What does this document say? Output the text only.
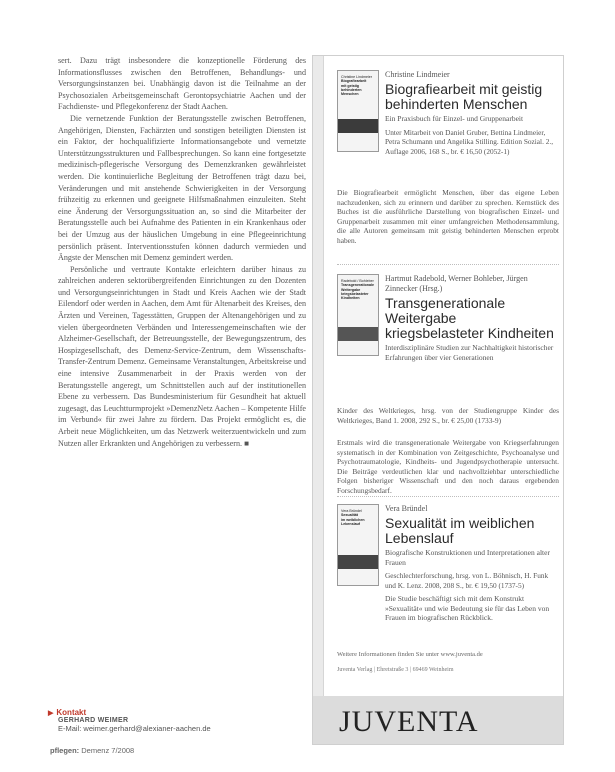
sert. Dazu trägt insbesondere die konzeptionelle Förderung des Informationsflusses zwischen den Betroffenen, Behandlungs- und Versorgungsinstanzen bei. Unabhängig davon ist die Teilnahme an der Psychosozialen Arbeitsgemeinschaft Gerontopsychiatrie Aachen und der Fachdienste- und Pflegekonferenz der Stadt Aachen.

Die vernetzende Funktion der Beratungsstelle zwischen Betroffenen, Angehörigen, Diensten, Fachärzten und sonstigen beteiligten Diensten ist ein Faktor, der hochqualifizierte Informationsangebote und vernetzte Unterstützungsstrukturen und Fallbesprechungen. So kann eine fortgesetzte medizinisch-pflegerische Versorgung des Demenzkranken gewährleistet werden. Die kontinuierliche Begleitung der Betroffenen trägt dazu bei, Veränderungen und mit anstehende Schwierigkeiten in der Versorgung frühzeitig zu erkennen und geeignete Hilfsmaßnahmen einzuleiten. Steht eine Änderung der Versorgungssituation an, so sind die Mitarbeiter der Beratungsstelle auch bei Aufnahme des Patienten in ein Krankenhaus oder bei der Umzug aus der häuslichen Umgebung in eine Pflegeeinrichtung persönlich präsent. Interventionsstufen können dadurch vermieden und Ängste der Menschen mit Demenz gemindert werden.

Persönliche und vertraute Kontakte erleichtern darüber hinaus zu zahlreichen anderen sektorübergreifenden Einrichtungen zu den Dozenten und Versorgungseinrichtungen in Stadt und Kreis Aachen wie der Stadt Eilendorf oder werden in Aachen, dem Amt für Altenarbeit des Kreises, den Ärzten und Vereinen, Tagesstätten, Gruppen der Altenangehörigen und zu vielen übergeordneten Verbänden und Interessengemeinschaften wie der Alzheimer-Gesellschaft, der Betreuungsstelle, der Bewegungszentrum, des Hospizgesellschaft, des Demenz-Service-Zentrum, dem Wissenschafts-Transfer-Zentrum Demenz. Gemeinsame Veranstaltungen, Arbeitskreise und eine intensive Zusammenarbeit in der Praxis werden von der Beratungsstelle angeregt, um Schnittstellen auch auf der institutionellen Ebene zu verbessern. Das Bundesministerium für Gesundheit hat aktuell zugesagt, das Leuchtturmprojekt »DemenzNetz Aachen – Kompetente Hilfe im Verbund« für zwei Jahre zu fördern. Das Projekt ermöglicht es, die Arbeit neue Möglichkeiten, um das Netzwerk weiterzuentwickeln und zum Nutzen aller Erkrankten und Angehörigen zu verbessern. ■

▶ Kontakt
GERHARD WEIMER
E-Mail: weimer.gerhard@alexianer-aachen.de
pflegen: Demenz 7/2008
Christine Lindmeier
Biografiearbeit
mit geistig
behinderten
Menschen
Christine Lindmeier
Biografiearbeit mit geistig behinderten Menschen
Ein Praxisbuch für Einzel- und Gruppenarbeit
Unter Mitarbeit von Daniel Gruber, Bettina Lindmeier, Petra Schumann und Angelika Stilling. Edition Sozial. 2., Auflage 2006, 168 S., br. € 16,50 (2052-1)
Die Biografiearbeit ermöglicht Menschen, über das eigene Leben nachzudenken, sich zu erinnern und darüber zu sprechen. Kernstück des Buches ist die ausführliche Darstellung von biografischen Einzel- und Gruppenarbeit zusammen mit einer umfangreichen Methodensammlung, die alle Autoren gemeinsam mit geistig behinderten Menschen erprobt haben.
Radebold / Bohleber
Transgenerationale
Weitergabe
kriegsbelasteter
Kindheiten
Hartmut Radebold, Werner Bohleber, Jürgen Zinnecker (Hrsg.)
Transgenerationale Weitergabe kriegsbelasteter Kindheiten
Interdisziplinäre Studien zur Nachhaltigkeit historischer Erfahrungen über vier Generationen
Kinder des Weltkrieges, hrsg. von der Studiengruppe Kinder des Weltkrieges, Band 1. 2008, 292 S., br. € 25,00 (1733-9)
Erstmals wird die transgenerationale Weitergabe von Kriegserfahrungen systematisch in der Kombination von Zeitgeschichte, Psychoanalyse und Psychotraumatologie, Kindheits- und Jugendpsychotherapie untersucht. Die Beiträge verdeutlichen klar und nachvollziehbar unterschiedliche Folgen bisheriger Wissenschaft und den noch daraus ergebenden Forschungsbedarf.
Vera Bründel
Sexualität
im weiblichen
Lebenslauf
Vera Bründel
Sexualität im weiblichen Lebenslauf
Biografische Konstruktionen und Interpretationen alter Frauen
Geschlechterforschung, hrsg. von L. Böhnisch, H. Funk und K. Lenz. 2008, 208 S., br. € 19,50 (1737-5)
Die Studie beschäftigt sich mit dem Konstrukt »Sexualität« und wie Bedeutung sie für das Leben von Frauen im biografischen Rückblick.
Weitere Informationen finden Sie unter www.juventa.de
Juventa Verlag | Ehretstraße 3 | 69469 Weinheim
JUVENTA
